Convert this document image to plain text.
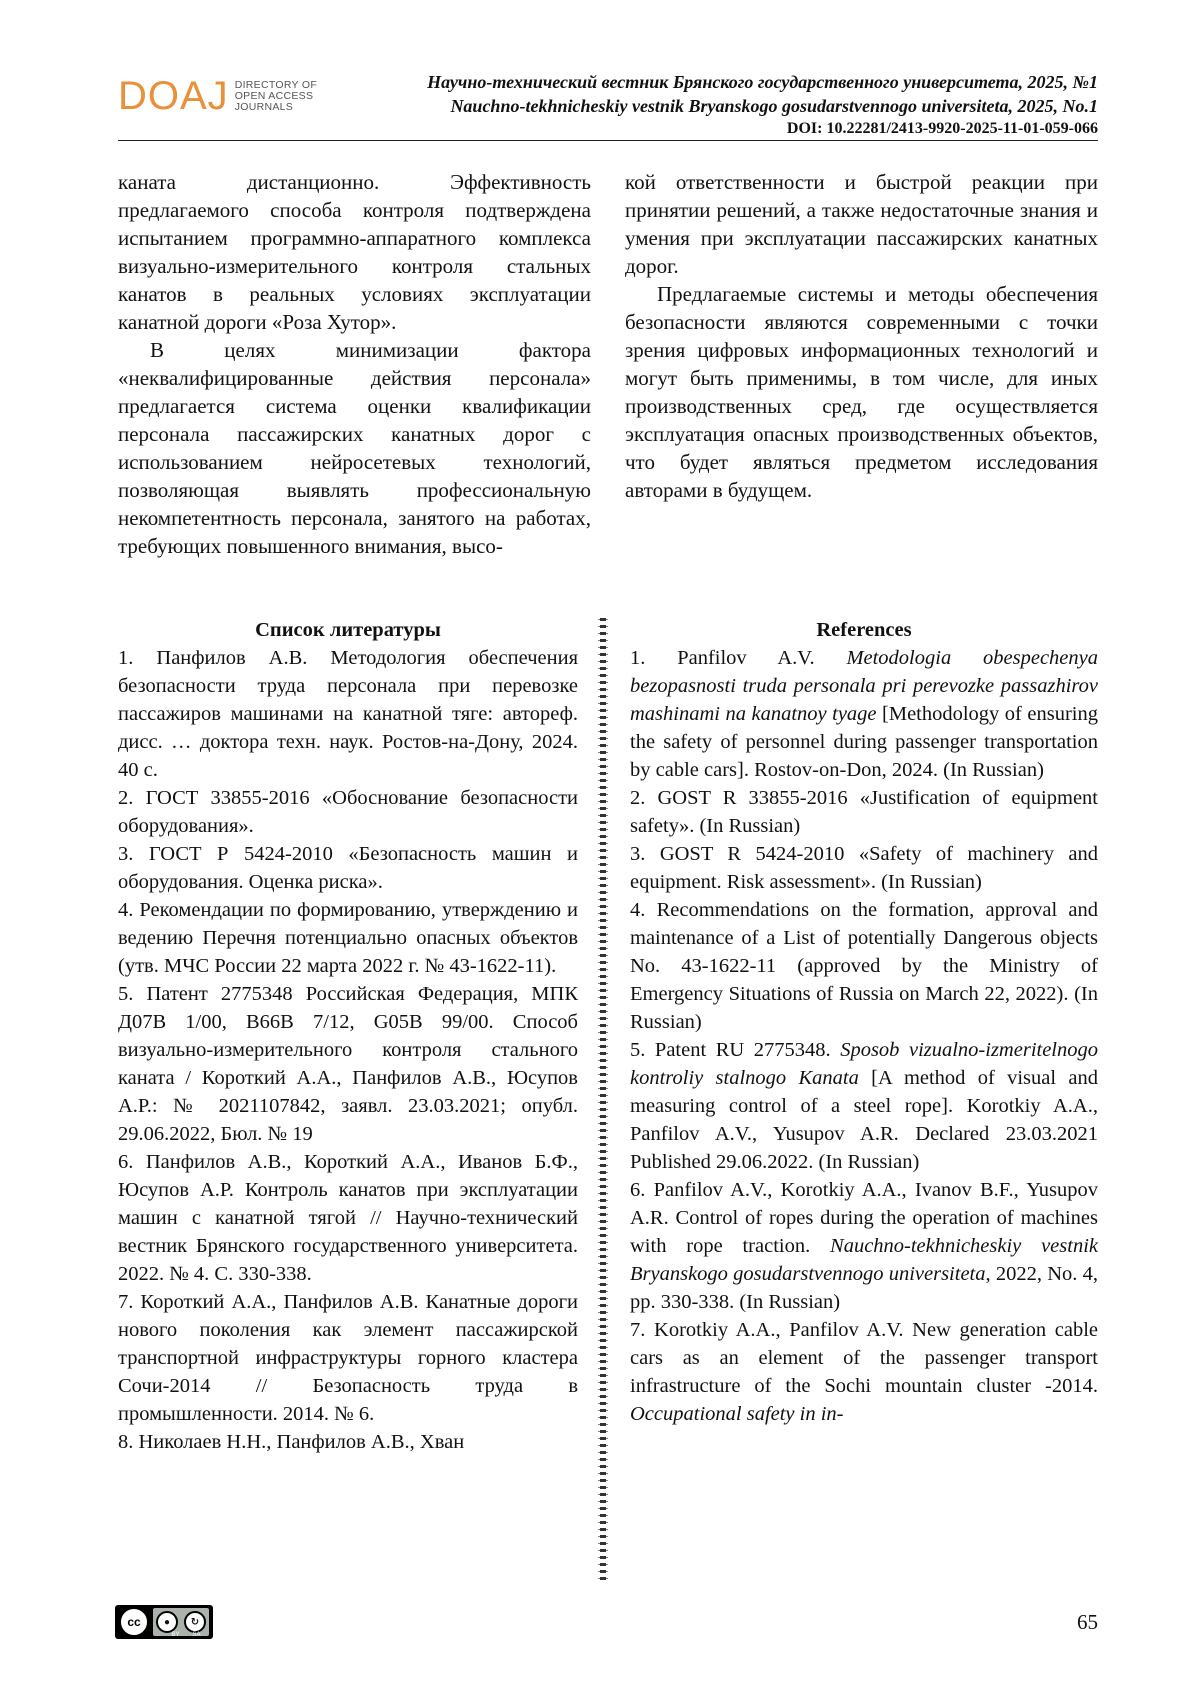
DOAJ DIRECTORY OF
OPEN ACCESS
JOURNALS
Научно-технический вестник Брянского государственного университета, 2025, №1
Nauchno-tekhnicheskiy vestnik Bryanskogo gosudarstvennogo universiteta, 2025, No.1
DOI: 10.22281/2413-9920-2025-11-01-059-066

каната дистанционно. Эффективность предлагаемого способа контроля подтверждена испытанием программно-аппаратного комплекса визуально-измерительного контроля стальных канатов в реальных условиях эксплуатации канатной дороги «Роза Хутор».

В целях минимизации фактора «неквалифицированные действия персонала» предлагается система оценки квалификации персонала пассажирских канатных дорог с использованием нейросетевых технологий, позволяющая выявлять профессиональную некомпетентность персонала, занятого на работах, требующих повышенного внимания, высо-

кой ответственности и быстрой реакции при принятии решений, а также недостаточные знания и умения при эксплуатации пассажирских канатных дорог.

Предлагаемые системы и методы обеспечения безопасности являются современными с точки зрения цифровых информационных технологий и могут быть применимы, в том числе, для иных производственных сред, где осуществляется эксплуатация опасных производственных объектов, что будет являться предметом исследования авторами в будущем.

Список литературы

1. Панфилов А.В. Методология обеспечения безопасности труда персонала при перевозке пассажиров машинами на канатной тяге: автореф. дисс. … доктора техн. наук. Ростов-на-Дону, 2024. 40 с.

2. ГОСТ 33855-2016 «Обоснование безопасности оборудования».

3. ГОСТ Р 5424-2010 «Безопасность машин и оборудования. Оценка риска».

4. Рекомендации по формированию, утверждению и ведению Перечня потенциально опасных объектов (утв. МЧС России 22 марта 2022 г. № 43-1622-11).

5. Патент 2775348 Российская Федерация, МПК Д07В 1/00, В66В 7/12, G05В 99/00. Способ визуально-измерительного контроля стального каната / Короткий А.А., Панфилов А.В., Юсупов А.Р.: № 2021107842, заявл. 23.03.2021; опубл. 29.06.2022, Бюл. № 19

6. Панфилов А.В., Короткий А.А., Иванов Б.Ф., Юсупов А.Р. Контроль канатов при эксплуатации машин с канатной тягой // Научно-технический вестник Брянского государственного университета. 2022. № 4. С. 330-338.

7. Короткий А.А., Панфилов А.В. Канатные дороги нового поколения как элемент пассажирской транспортной инфраструктуры горного кластера Сочи-2014 // Безопасность труда в промышленности. 2014. № 6.

8. Николаев Н.Н., Панфилов А.В., Хван

References

1. Panfilov A.V. Metodologia obespechenya bezopasnosti truda personala pri perevozke passazhirov mashinami na kanatnoy tyage [Methodology of ensuring the safety of personnel during passenger transportation by cable cars]. Rostov-on-Don, 2024. (In Russian)

2. GOST R 33855-2016 «Justification of equipment safety». (In Russian)

3. GOST R 5424-2010 «Safety of machinery and equipment. Risk assessment». (In Russian)

4. Recommendations on the formation, approval and maintenance of a List of potentially Dangerous objects No. 43-1622-11 (approved by the Ministry of Emergency Situations of Russia on March 22, 2022). (In Russian)

5. Patent RU 2775348. Sposob vizualno-izmeritelnogo kontroliy stalnogo Kanata [A method of visual and measuring control of a steel rope]. Korotkiy A.A., Panfilov A.V., Yusupov A.R. Declared 23.03.2021 Published 29.06.2022. (In Russian)

6. Panfilov A.V., Korotkiy A.A., Ivanov B.F., Yusupov A.R. Control of ropes during the operation of machines with rope traction. Nauchno-tekhnicheskiy vestnik Bryanskogo gosudarstvennogo universiteta, 2022, No. 4, pp. 330-338. (In Russian)

7. Korotkiy A.A., Panfilov A.V. New generation cable cars as an element of the passenger transport infrastructure of the Sochi mountain cluster -2014. Occupational safety in in-

cc	●	↻
BY SA
65
